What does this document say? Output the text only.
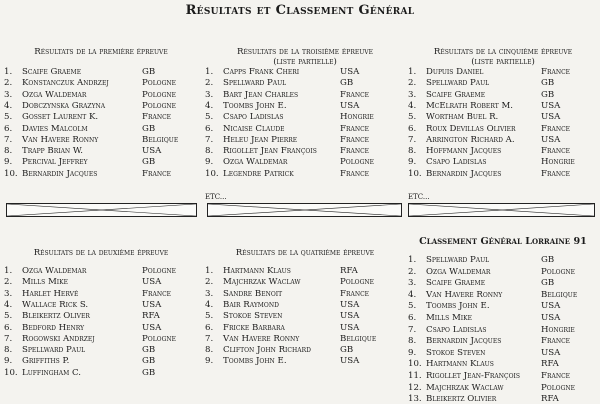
Résultats et Classement Général
Résultats de la première épreuve
1. Scaife Graeme	GB
2. Konstanczuk Andrzej	Pologne
3. Ozga Waldemar	Pologne
4. Dobczynska Grazyna	Pologne
5. Gosset Laurent K.	France
6. Davies Malcolm	GB
7. Van Havere Ronny	Belgique
8. Trapp Brian W.	USA
9. Percival Jeffrey	GB
10. Bernardin Jacques	France
Résultats de la troisième épreuve
(liste partielle)
1. Capps Frank Cheri	USA
2. Spellward Paul	GB
3. Bart Jean Charles	France
4. Toombs John E.	USA
5. Csapo Ladislas	Hongrie
6. Nicaise Claude	France
7. Heleu Jean Pierre	France
8. Rigollet Jean François	France
9. Ozga Waldemar	Pologne
10. Legendre Patrick	France
ETC...
Résultats de la cinquième épreuve
(liste partielle)
1. Dupuis Daniel	France
2. Spellward Paul	GB
3. Scaife Graeme	GB
4. McElrath Robert M.	USA
5. Wortham Buel R.	USA
6. Roux Devillas Olivier	France
7. Arrington Richard A.	USA
8. Hoffmann Jacques	France
9. Csapo Ladislas	Hongrie
10. Bernardin Jacques	France
ETC...
Résultats de la deuxième épreuve
1. Ozga Waldemar	Pologne
2. Mills Mike	USA
3. Harlet Hervé	France
4. Wallace Rick S.	USA
5. Bleikertz Oliver	RFA
6. Bedford Henry	USA
7. Rogowski Andrzej	Pologne
8. Spellward Paul	GB
9. Griffiths P.	GB
10. Luffingham C.	GB
Résultats de la quatrième épreuve
1. Hartmann Klaus	RFA
2. Majchrzak Waclaw	Pologne
3. Sandre Benoit	France
4. Bair Raymond	USA
5. Stokoe Steven	USA
6. Fricke Barbara	USA
7. Van Havere Ronny	Belgique
8. Clifton John Richard	GB
9. Toombs John E.	USA
Classement Général Lorraine 91
1. Spellward Paul	GB
2. Ozga Waldemar	Pologne
3. Scaife Graeme	GB
4. Van Havere Ronny	Belgique
5. Toombs John E.	USA
6. Mills Mike	USA
7. Csapo Ladislas	Hongrie
8. Bernardin Jacques	France
9. Stokoe Steven	USA
10. Hartmann Klaus	RFA
11. Rigollet Jean-François France
12. Majchrzak Waclaw	Pologne
13. Bleikertz Olivier	RFA
